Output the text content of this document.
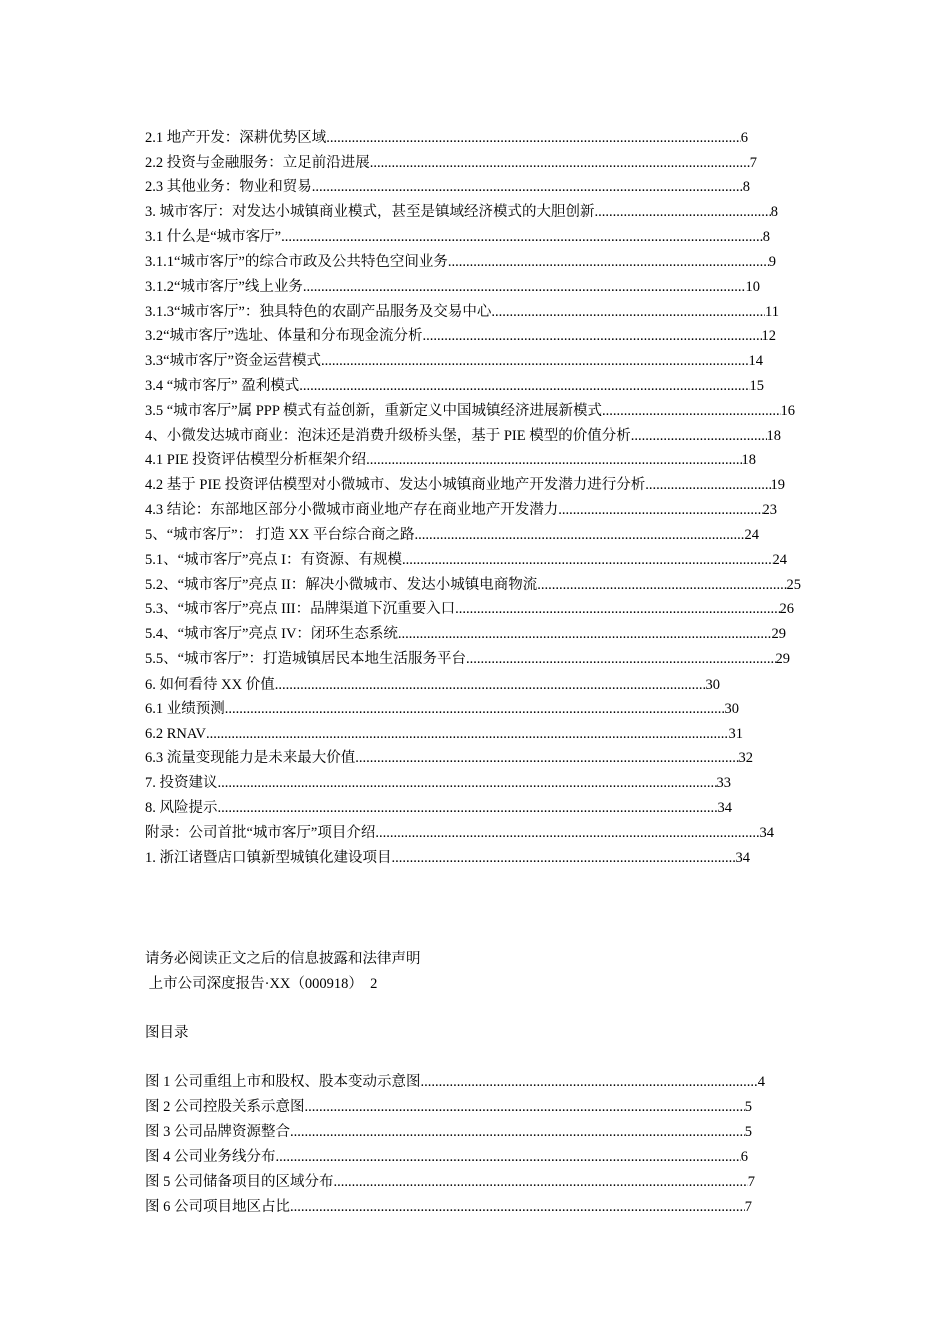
2.1 地产开发：深耕优势区域 .....	6
2.2 投资与金融服务：立足前沿进展 .....	7
2.3 其他业务：物业和贸易 .....	8
3. 城市客厅：对发达小城镇商业模式，甚至是镇域经济模式的大胆创新 .....	8
3.1 什么是“城市客厅” .....	8
3.1.1“城市客厅”的综合市政及公共特色空间业务 .....	9
3.1.2“城市客厅”线上业务 .....	10
3.1.3“城市客厅”：独具特色的农副产品服务及交易中心 .....	11
3.2“城市客厅”选址、体量和分布现金流分析 .....	12
3.3“城市客厅”资金运营模式 .....	14
3.4 “城市客厅” 盈利模式 .....	15
3.5 “城市客厅”属 PPP 模式有益创新，重新定义中国城镇经济进展新模式 .....	16
4、小微发达城市商业：泡沫还是消费升级桥头堡，基于 PIE 模型的价值分析 .....	18
4.1 PIE 投资评估模型分析框架介绍 .....	18
4.2 基于 PIE 投资评估模型对小微城市、发达小城镇商业地产开发潜力进行分析 .....	19
4.3 结论：东部地区部分小微城市商业地产存在商业地产开发潜力 .....	23
5、“城市客厅”： 打造 XX 平台综合商之路 .....	24
5.1、“城市客厅”亮点 I：有资源、有规模 .....	24
5.2、“城市客厅”亮点 II：解决小微城市、发达小城镇电商物流 .....	25
5.3、“城市客厅”亮点 III：品牌渠道下沉重要入口 .....	26
5.4、“城市客厅”亮点 IV：闭环生态系统 .....	29
5.5、“城市客厅”：打造城镇居民本地生活服务平台 .....	29
6. 如何看待 XX 价值 .....	30
6.1 业绩预测 .....	30
6.2 RNAV .....	31
6.3 流量变现能力是未来最大价值 .....	32
7. 投资建议 .....	33
8. 风险提示 .....	34
附录：公司首批“城市客厅”项目介绍 .....	34
1. 浙江诸暨店口镇新型城镇化建设项目 .....	34
请务必阅读正文之后的信息披露和法律声明
上市公司深度报告·XX（000918）  2
图目录
图 1 公司重组上市和股权、股本变动示意图 .....	4
图 2 公司控股关系示意图 .....	5
图 3 公司品牌资源整合 .....	5
图 4 公司业务线分布 .....	6
图 5 公司储备项目的区域分布 .....	7
图 6 公司项目地区占比 .....	7
